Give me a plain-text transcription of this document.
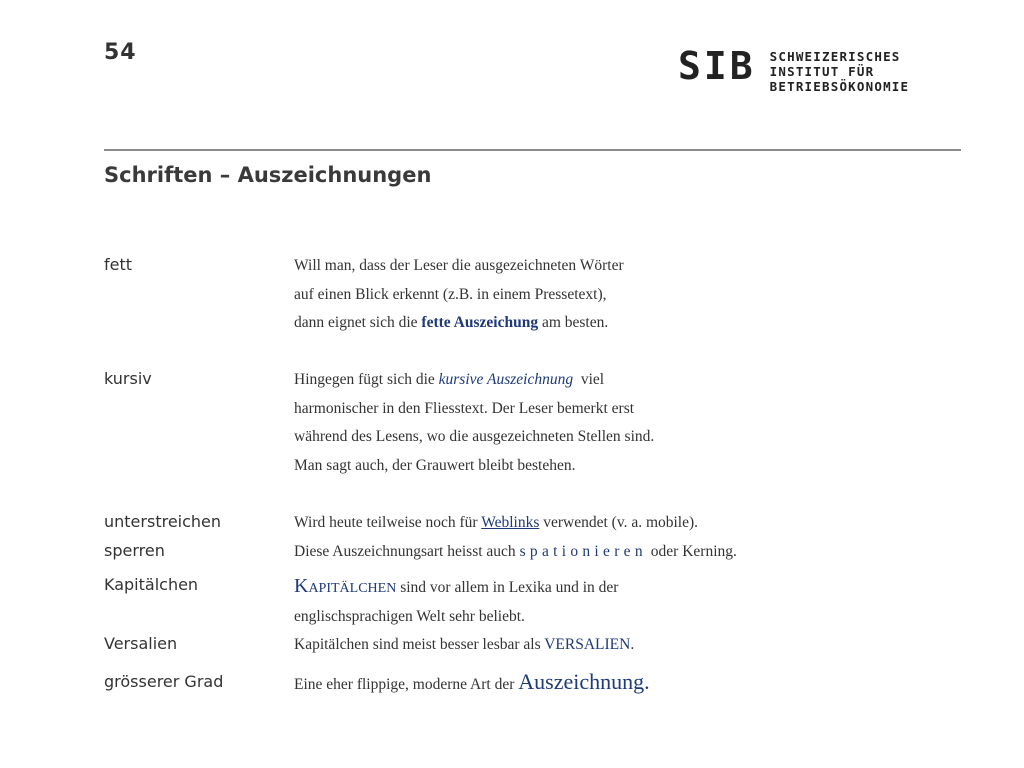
54	SIB SCHWEIZERISCHES
INSTITUT FÜR
BETRIEBSÖKONOMIE
Schriften – Auszeichnungen
fett	Will man, dass der Leser die ausgezeichneten Wörter
auf einen Blick erkennt (z.B. in einem Pressetext),
dann eignet sich die fette Auszeichung am besten.
kursiv	Hingegen fügt sich die kursive Auszeichnung  viel
harmonischer in den Fliesstext. Der Leser bemerkt erst
während des Lesens, wo die ausgezeichneten Stellen sind.
Man sagt auch, der Grauwert bleibt bestehen.
unterstreichen	Wird heute teilweise noch für Weblinks verwendet (v. a. mobile).
sperren	Diese Auszeichnungsart heisst auch spationieren oder Kerning.
Kapitälchen	Kapitälchen sind vor allem in Lexika und in der
englischsprachigen Welt sehr beliebt.
Versalien	Kapitälchen sind meist besser lesbar als VERSALIEN.
grösserer Grad	Eine eher flippige, moderne Art der Auszeichnung.
